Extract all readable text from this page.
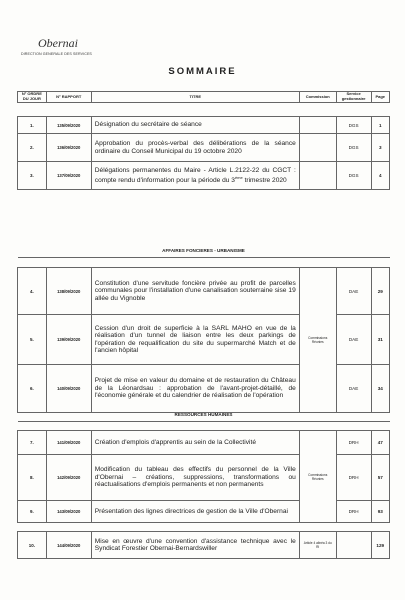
Obernai
DIRECTION GENERALE DES SERVICES
SOMMAIRE
N° ORDRE DU JOUR	N° RAPPORT	TITRE	Commission	Service gestionnaire	Page

1.	135/09/2020	Désignation du secrétaire de séance		DGS	1
2.	136/09/2020	Approbation du procès-verbal des délibérations de la séance ordinaire du Conseil Municipal du 19 octobre 2020		DGS	3
3.	137/09/2020	Délégations permanentes du Maire - Article L.2122-22 du CGCT : compte rendu d'information pour la période du 3ème trimestre 2020		DGS	4
AFFAIRES FONCIERES - URBANISME					

4.	138/09/2020	Constitution d'une servitude foncière privée au profit de parcelles communales pour l'installation d'une canalisation souterraine sise 19 allée du Vignoble	Commissions Réunies	DAE	29
5.	139/09/2020	Cession d'un droit de superficie à la SARL MAHO en vue de la réalisation d'un tunnel de liaison entre les deux parkings de l'opération de requalification du site du supermarché Match et de l'ancien hôpital		DAE	31
6.	140/09/2020	Projet de mise en valeur du domaine et de restauration du Château de la Léonardsau : approbation de l'avant-projet-détaillé, de l'économie générale et du calendrier de réalisation de l'opération		DAE	34
RESSOURCES HUMAINES					

7.	141/09/2020	Création d'emplois d'apprentis au sein de la Collectivité	Commissions Réunies	DRH	47
8.	142/09/2020	Modification du tableau des effectifs du personnel de la Ville d'Obernai – créations, suppressions, transformations ou réactualisations d'emplois permanents et non permanents		DRH	57
9.	143/09/2020	Présentation des lignes directrices de gestion de la Ville d'Obernai		DRH	93

10.	144/09/2020	Mise en œuvre d'une convention d'assistance technique avec le Syndicat Forestier Obernai-Bernardswiller	Article 4 alinéa 3 du RI		129
